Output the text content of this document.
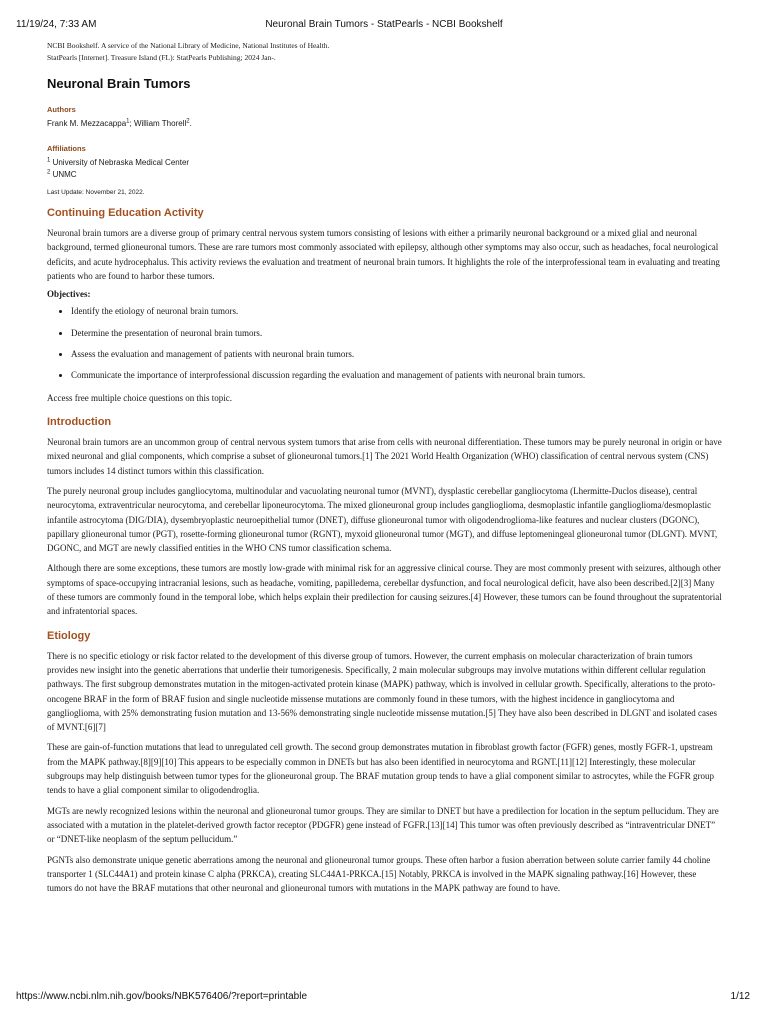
11/19/24, 7:33 AM	Neuronal Brain Tumors - StatPearls - NCBI Bookshelf

NCBI Bookshelf. A service of the National Library of Medicine, National Institutes of Health.

StatPearls [Internet]. Treasure Island (FL): StatPearls Publishing; 2024 Jan-.

Neuronal Brain Tumors
Authors
Frank M. Mezzacappa$^1$; William Thorell$^2$.
Affiliations
$^1$ University of Nebraska Medical Center
$^2$ UNMC
Last Update: November 21, 2022.
Continuing Education Activity

Neuronal brain tumors are a diverse group of primary central nervous system tumors consisting of lesions with either a primarily neuronal background or a mixed glial and neuronal background, termed glioneuronal tumors. These are rare tumors most commonly associated with epilepsy, although other symptoms may also occur, such as headaches, focal neurological deficits, and acute hydrocephalus. This activity reviews the evaluation and treatment of neuronal brain tumors. It highlights the role of the interprofessional team in evaluating and treating patients who are found to harbor these tumors.

Objectives:

• Identify the etiology of neuronal brain tumors.
• Determine the presentation of neuronal brain tumors.
• Assess the evaluation and management of patients with neuronal brain tumors.
• Communicate the importance of interprofessional discussion regarding the evaluation and management of patients with neuronal brain tumors.

Access free multiple choice questions on this topic.

Introduction

Neuronal brain tumors are an uncommon group of central nervous system tumors that arise from cells with neuronal differentiation. These tumors may be purely neuronal in origin or have mixed neuronal and glial components, which comprise a subset of glioneuronal tumors.[1] The 2021 World Health Organization (WHO) classification of central nervous system (CNS) tumors includes 14 distinct tumors within this classification.

The purely neuronal group includes gangliocytoma, multinodular and vacuolating neuronal tumor (MVNT), dysplastic cerebellar gangliocytoma (Lhermitte-Duclos disease), central neurocytoma, extraventricular neurocytoma, and cerebellar liponeurocytoma. The mixed glioneuronal group includes ganglioglioma, desmoplastic infantile ganglioglioma/desmoplastic infantile astrocytoma (DIG/DIA), dysembryoplastic neuroepithelial tumor (DNET), diffuse glioneuronal tumor with oligodendroglioma-like features and nuclear clusters (DGONC), papillary glioneuronal tumor (PGT), rosette-forming glioneuronal tumor (RGNT), myxoid glioneuronal tumor (MGT), and diffuse leptomeningeal glioneuronal tumor (DLGNT). MVNT, DGONC, and MGT are newly classified entities in the WHO CNS tumor classification schema.

Although there are some exceptions, these tumors are mostly low-grade with minimal risk for an aggressive clinical course. They are most commonly present with seizures, although other symptoms of space-occupying intracranial lesions, such as headache, vomiting, papilledema, cerebellar dysfunction, and focal neurological deficit, have also been described.[2][3] Many of these tumors are commonly found in the temporal lobe, which helps explain their predilection for causing seizures.[4] However, these tumors can be found throughout the supratentorial and infratentorial spaces.

Etiology

There is no specific etiology or risk factor related to the development of this diverse group of tumors. However, the current emphasis on molecular characterization of brain tumors provides new insight into the genetic aberrations that underlie their tumorigenesis. Specifically, 2 main molecular subgroups may involve mutations within different cellular regulation pathways. The first subgroup demonstrates mutation in the mitogen-activated protein kinase (MAPK) pathway, which is involved in cellular growth. Specifically, alterations to the proto-oncogene BRAF in the form of BRAF fusion and single nucleotide missense mutations are commonly found in these tumors, with the highest incidence in gangliocytoma and ganglioglioma, with 25% demonstrating fusion mutation and 13-56% demonstrating single nucleotide missense mutation.[5] They have also been described in DLGNT and isolated cases of MVNT.[6][7]

These are gain-of-function mutations that lead to unregulated cell growth. The second group demonstrates mutation in fibroblast growth factor (FGFR) genes, mostly FGFR-1, upstream from the MAPK pathway.[8][9][10] This appears to be especially common in DNETs but has also been identified in neurocytoma and RGNT.[11][12] Interestingly, these molecular subgroups may help distinguish between tumor types for the glioneuronal group. The BRAF mutation group tends to have a glial component similar to astrocytes, while the FGFR group tends to have a glial component similar to oligodendroglia.

MGTs are newly recognized lesions within the neuronal and glioneuronal tumor groups. They are similar to DNET but have a predilection for location in the septum pellucidum. They are associated with a mutation in the platelet-derived growth factor receptor (PDGFR) gene instead of FGFR.[13][14] This tumor was often previously described as “intraventricular DNET” or “DNET-like neoplasm of the septum pellucidum.”

PGNTs also demonstrate unique genetic aberrations among the neuronal and glioneuronal tumor groups. These often harbor a fusion aberration between solute carrier family 44 choline transporter 1 (SLC44A1) and protein kinase C alpha (PRKCA), creating SLC44A1-PRKCA.[15] Notably, PRKCA is involved in the MAPK signaling pathway.[16] However, these tumors do not have the BRAF mutations that other neuronal and glioneuronal tumors with mutations in the MAPK pathway are found to have.

https://www.ncbi.nlm.nih.gov/books/NBK576406/?report=printable	1/12
